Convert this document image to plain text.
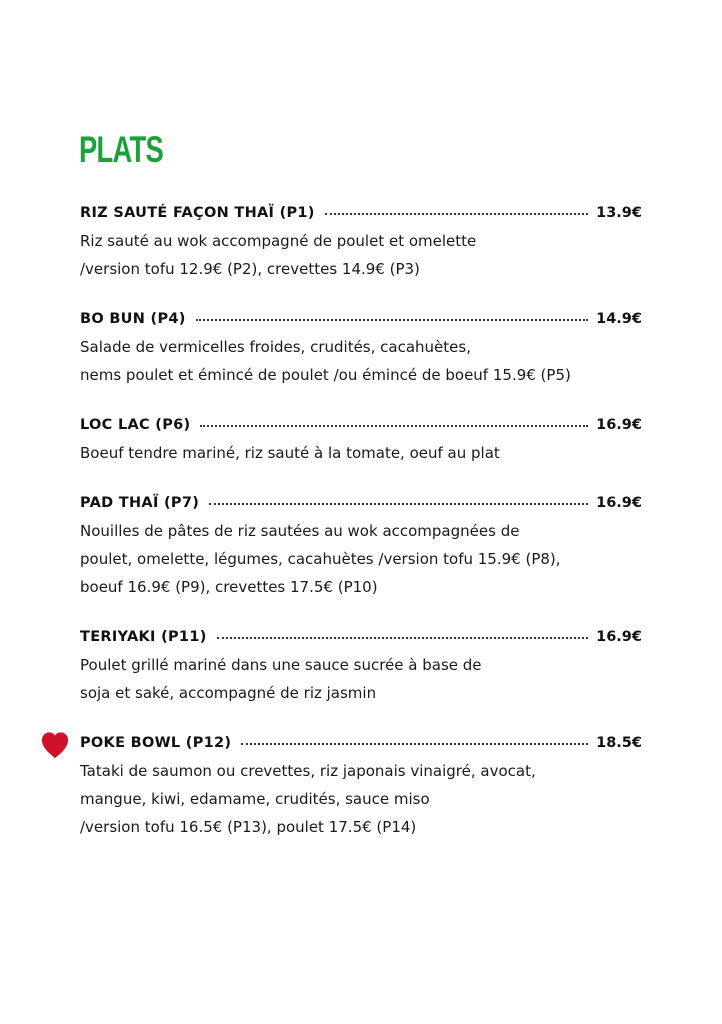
PLATS
RIZ SAUTÉ FAÇON THAÏ (P1)	13.9€
Riz sauté au wok accompagné de poulet et omelette
/version tofu 12.9€ (P2), crevettes 14.9€ (P3)
BO BUN (P4)	14.9€
Salade de vermicelles froides, crudités, cacahuètes,
nems poulet et émincé de poulet /ou émincé de boeuf 15.9€ (P5)
LOC LAC (P6)	16.9€
Boeuf tendre mariné, riz sauté à la tomate, oeuf au plat
PAD THAÏ (P7)	16.9€
Nouilles de pâtes de riz sautées au wok accompagnées de
poulet, omelette, légumes, cacahuètes /version tofu 15.9€ (P8),
boeuf 16.9€ (P9), crevettes 17.5€ (P10)
TERIYAKI (P11)	16.9€
Poulet grillé mariné dans une sauce sucrée à base de
soja et saké, accompagné de riz jasmin
POKE BOWL (P12)	18.5€
Tataki de saumon ou crevettes, riz japonais vinaigré, avocat,
mangue, kiwi, edamame, crudités, sauce miso
/version tofu 16.5€ (P13), poulet 17.5€ (P14)
